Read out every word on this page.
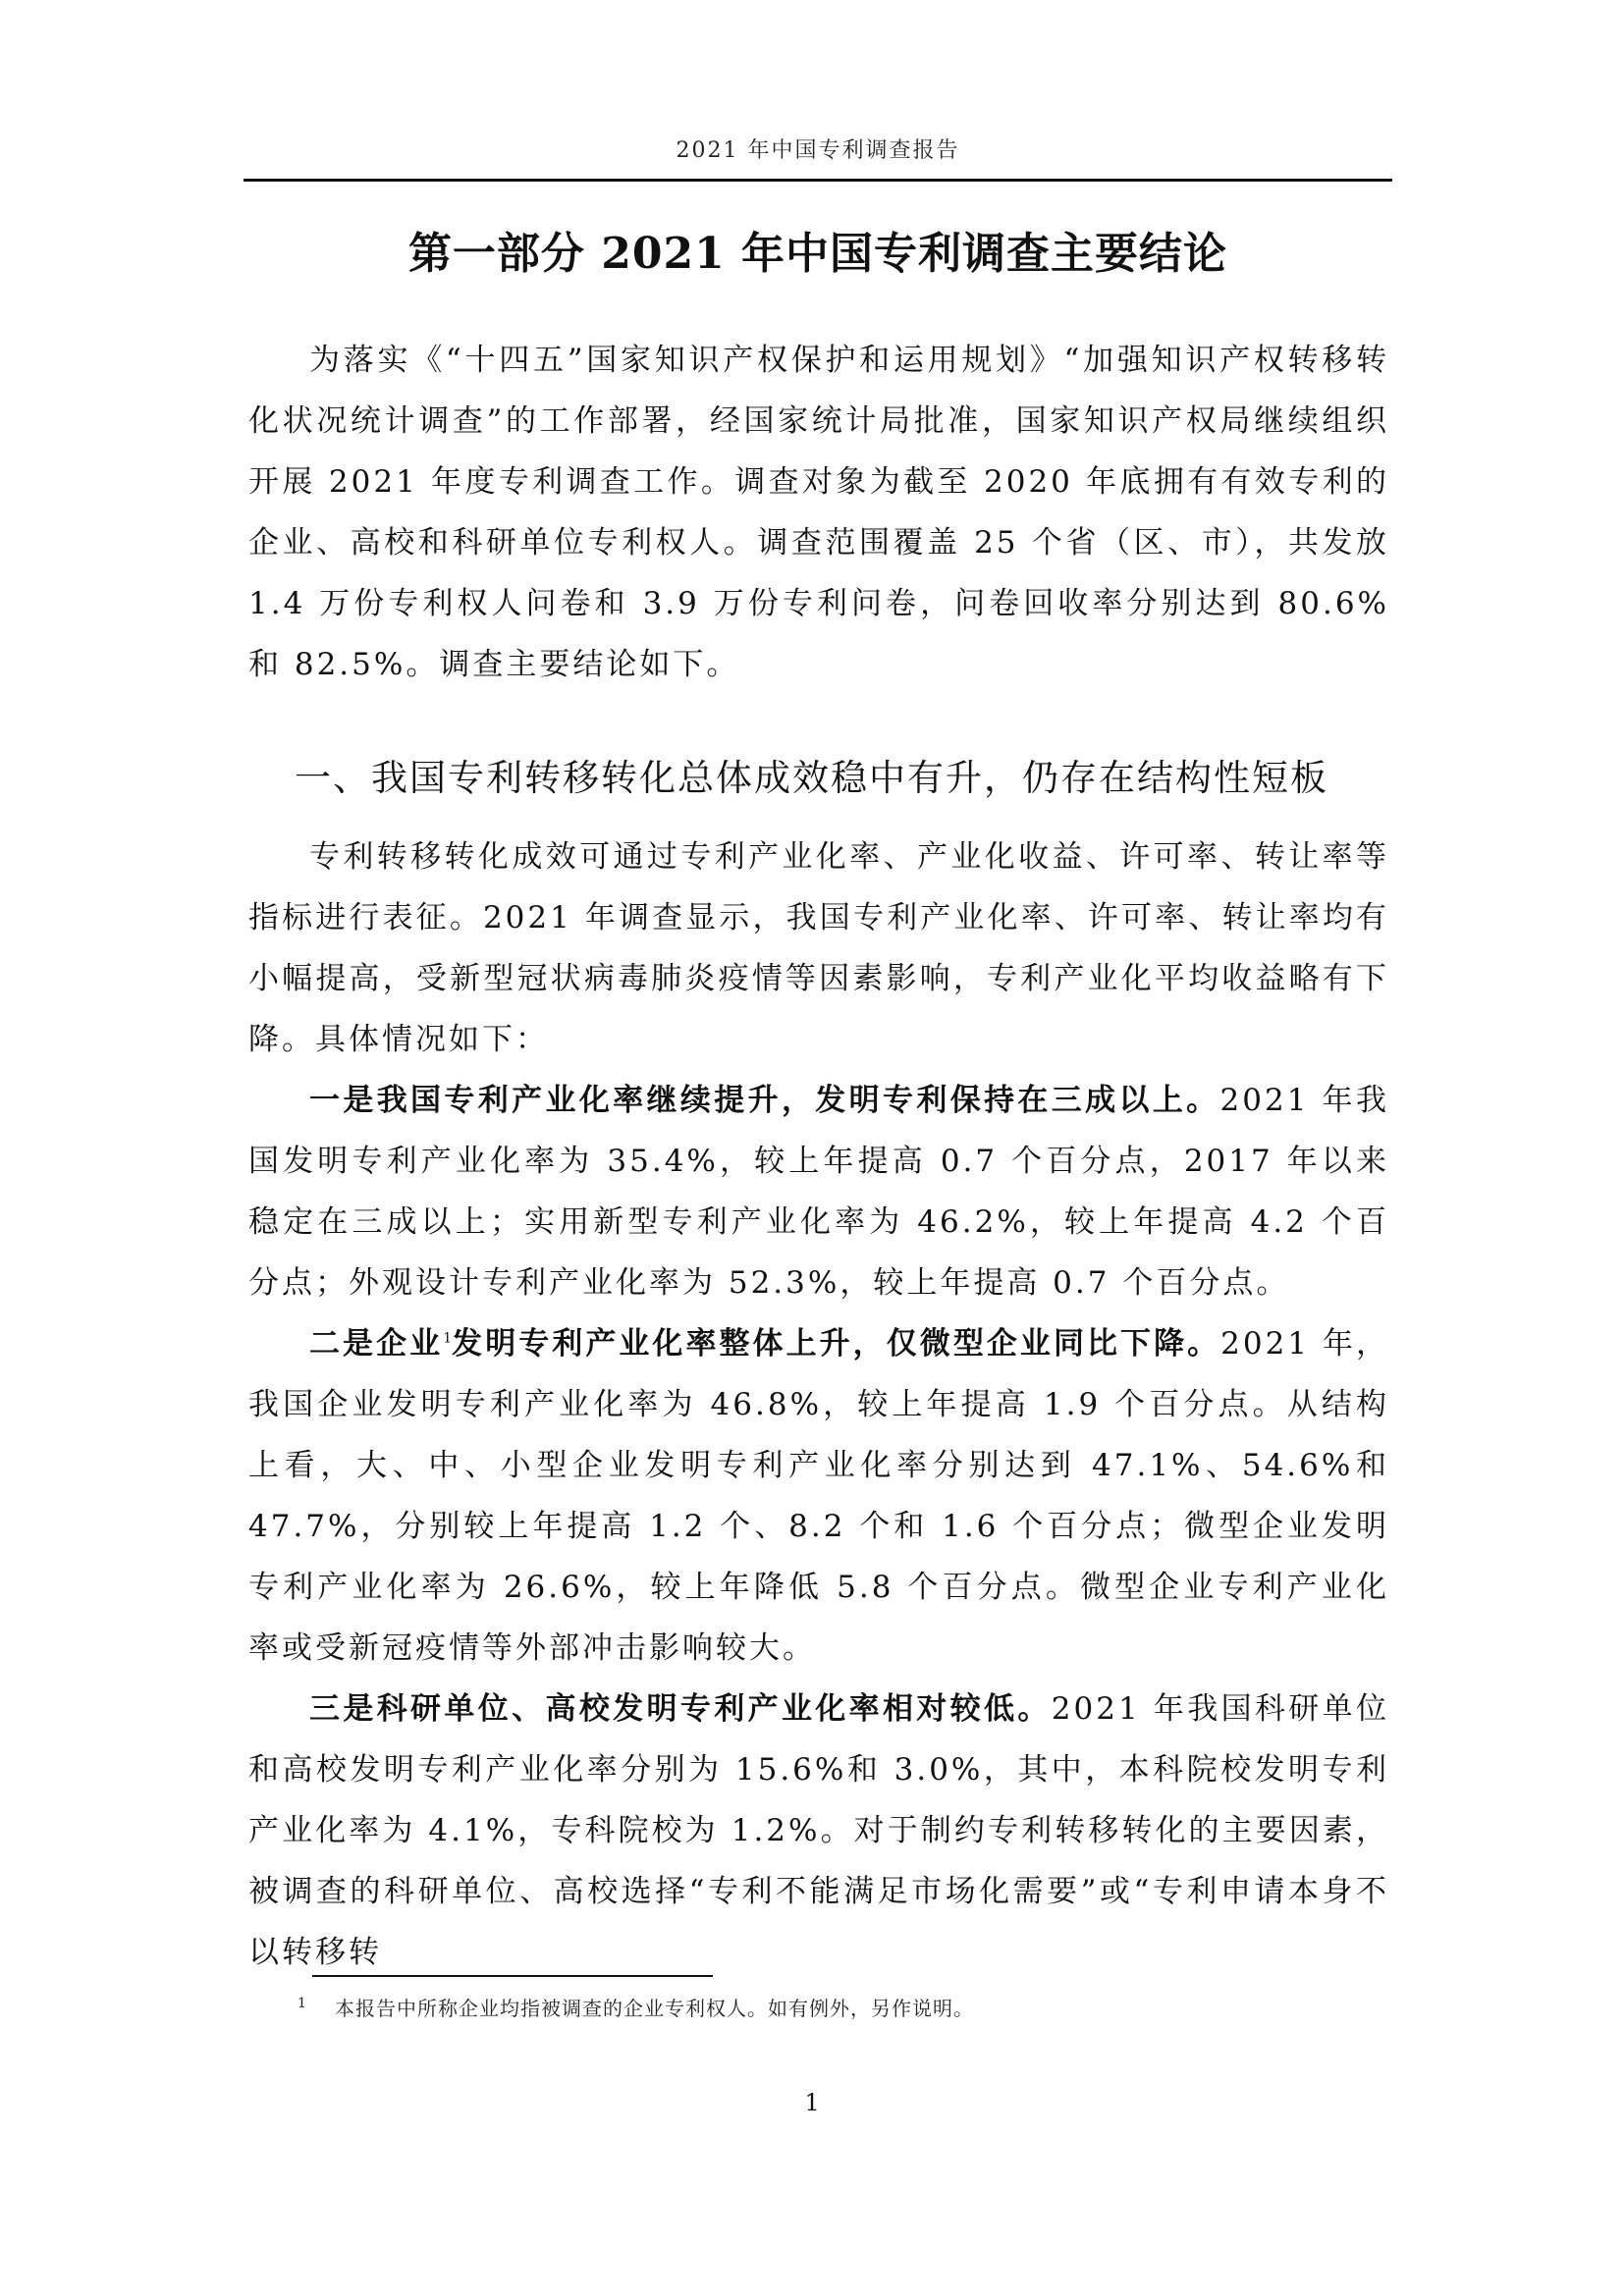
2021 年中国专利调查报告
第一部分 2021 年中国专利调查主要结论

为落实《“十四五”国家知识产权保护和运用规划》“加强知识产权转移转化状况统计调查”的工作部署，经国家统计局批准，国家知识产权局继续组织开展 2021 年度专利调查工作。调查对象为截至 2020 年底拥有有效专利的企业、高校和科研单位专利权人。调查范围覆盖 25 个省（区、市），共发放 1.4 万份专利权人问卷和 3.9 万份专利问卷，问卷回收率分别达到 80.6%和 82.5%。调查主要结论如下。

一、我国专利转移转化总体成效稳中有升，仍存在结构性短板

专利转移转化成效可通过专利产业化率、产业化收益、许可率、转让率等指标进行表征。2021 年调查显示，我国专利产业化率、许可率、转让率均有小幅提高，受新型冠状病毒肺炎疫情等因素影响，专利产业化平均收益略有下降。具体情况如下：

一是我国专利产业化率继续提升，发明专利保持在三成以上。2021 年我国发明专利产业化率为 35.4%，较上年提高 0.7 个百分点，2017 年以来稳定在三成以上；实用新型专利产业化率为 46.2%，较上年提高 4.2 个百分点；外观设计专利产业化率为 52.3%，较上年提高 0.7 个百分点。

二是企业$^1$发明专利产业化率整体上升，仅微型企业同比下降。2021 年，我国企业发明专利产业化率为 46.8%，较上年提高 1.9 个百分点。从结构上看，大、中、小型企业发明专利产业化率分别达到 47.1%、54.6%和 47.7%，分别较上年提高 1.2 个、8.2 个和 1.6 个百分点；微型企业发明专利产业化率为 26.6%，较上年降低 5.8 个百分点。微型企业专利产业化率或受新冠疫情等外部冲击影响较大。

三是科研单位、高校发明专利产业化率相对较低。2021 年我国科研单位和高校发明专利产业化率分别为 15.6%和 3.0%，其中，本科院校发明专利产业化率为 4.1%，专科院校为 1.2%。对于制约专利转移转化的主要因素，被调查的科研单位、高校选择“专利不能满足市场化需要”或“专利申请本身不以转移转

1 本报告中所称企业均指被调查的企业专利权人。如有例外，另作说明。
1
